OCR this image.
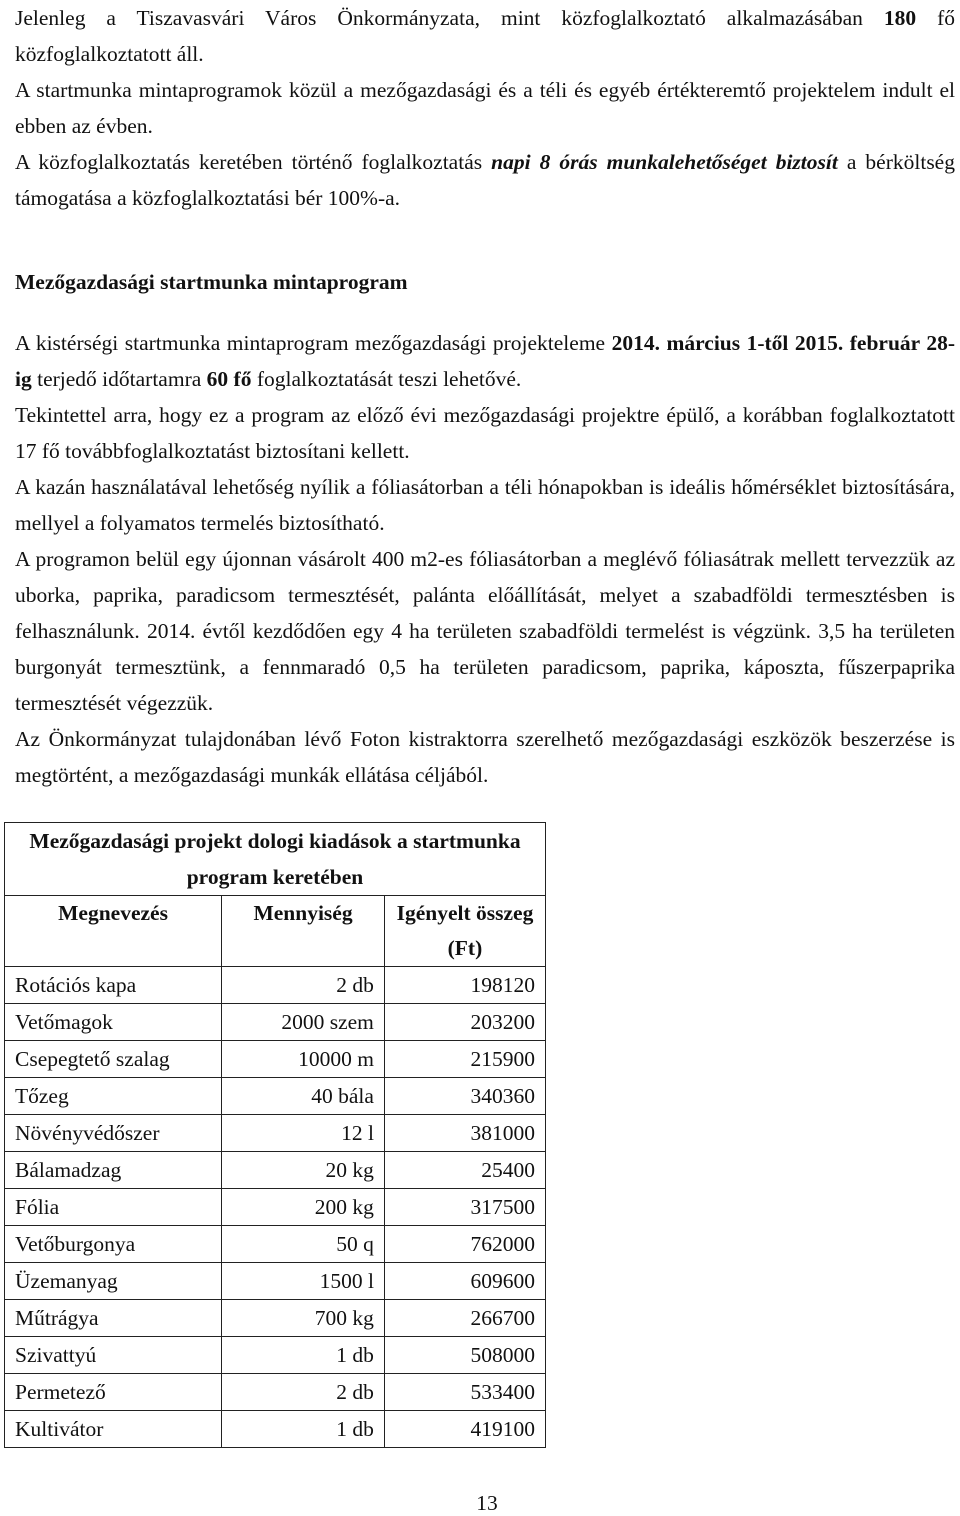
Jelenleg a Tiszavasvári Város Önkormányzata, mint közfoglalkoztató alkalmazásában 180 fő közfoglalkoztatott áll.

A startmunka mintaprogramok közül a mezőgazdasági és a téli és egyéb értékteremtő projektelem indult el ebben az évben.

A közfoglalkoztatás keretében történő foglalkoztatás napi 8 órás munkalehetőséget biztosít a bérköltség támogatása a közfoglalkoztatási bér 100%-a.

Mezőgazdasági startmunka mintaprogram

A kistérségi startmunka mintaprogram mezőgazdasági projekteleme 2014. március 1-től 2015. február 28-ig terjedő időtartamra 60 fő foglalkoztatását teszi lehetővé.

Tekintettel arra, hogy ez a program az előző évi mezőgazdasági projektre épülő, a korábban foglalkoztatott 17 fő továbbfoglalkoztatást biztosítani kellett.

A kazán használatával lehetőség nyílik a fóliasátorban a téli hónapokban is ideális hőmérséklet biztosítására, mellyel a folyamatos termelés biztosítható.

A programon belül egy újonnan vásárolt 400 m2-es fóliasátorban a meglévő fóliasátrak mellett tervezzük az uborka, paprika, paradicsom termesztését, palánta előállítását, melyet a szabadföldi termesztésben is felhasználunk. 2014. évtől kezdődően egy 4 ha területen szabadföldi termelést is végzünk. 3,5 ha területen burgonyát termesztünk, a fennmaradó 0,5 ha területen paradicsom, paprika, káposzta, fűszerpaprika termesztését végezzük.

Az Önkormányzat tulajdonában lévő Foton kistraktorra szerelhető mezőgazdasági eszközök beszerzése is megtörtént, a mezőgazdasági munkák ellátása céljából.

Mezőgazdasági projekt dologi kiadások a startmunka program keretében		
Megnevezés	Mennyiség	Igényelt összeg (Ft)
Rotációs kapa	2 db	198120
Vetőmagok	2000 szem	203200
Csepegtető szalag	10000 m	215900
Tőzeg	40 bála	340360
Növényvédőszer	12 l	381000
Bálamadzag	20 kg	25400
Fólia	200 kg	317500
Vetőburgonya	50 q	762000
Üzemanyag	1500 l	609600
Műtrágya	700 kg	266700
Szivattyú	1 db	508000
Permetező	2 db	533400
Kultivátor	1 db	419100
13
